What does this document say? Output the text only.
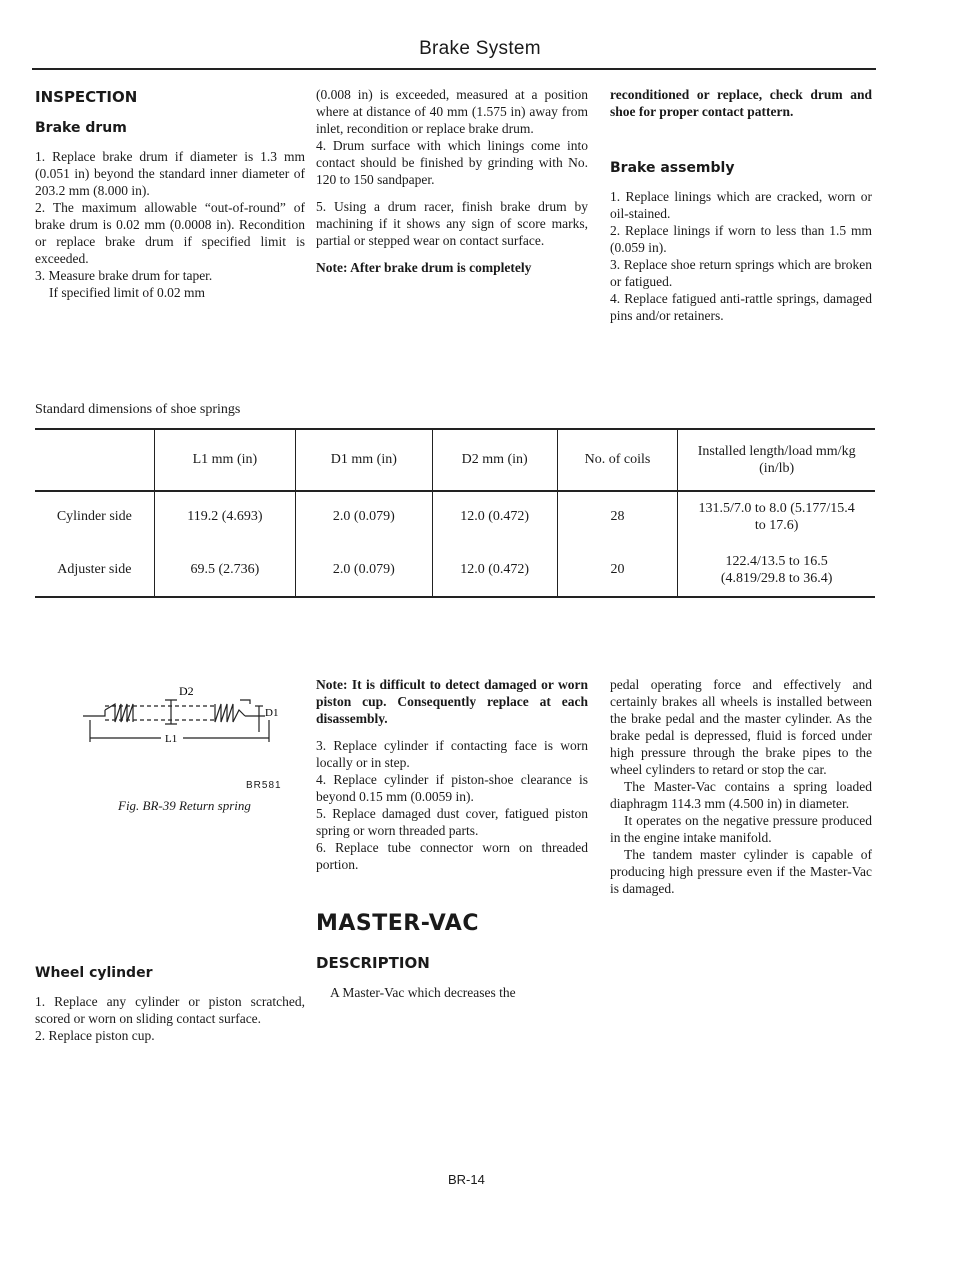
Brake System
INSPECTION
Brake drum

1. Replace brake drum if diameter is 1.3 mm (0.051 in) beyond the standard inner diameter of 203.2 mm (8.000 in).

2. The maximum allowable “out-of-round” of brake drum is 0.02 mm (0.0008 in). Recondition or replace brake drum if specified limit is exceeded.

3. Measure brake drum for taper.

If specified limit of 0.02 mm

(0.008 in) is exceeded, measured at a position where at distance of 40 mm (1.575 in) away from inlet, recondition or replace brake drum.

4. Drum surface with which linings come into contact should be finished by grinding with No. 120 to 150 sandpaper.

5. Using a drum racer, finish brake drum by machining if it shows any sign of score marks, partial or stepped wear on contact surface.

Note: After brake drum is completely

reconditioned or replace, check drum and shoe for proper contact pattern.
Brake assembly

1. Replace linings which are cracked, worn or oil-stained.

2. Replace linings if worn to less than 1.5 mm (0.059 in).

3. Replace shoe return springs which are broken or fatigued.

4. Replace fatigued anti-rattle springs, damaged pins and/or retainers.

Standard dimensions of shoe springs
	L1 mm (in)	D1 mm (in)	D2 mm (in)	No. of coils	Installed length/load mm/kg (in/lb)

Cylinder side	119.2 (4.693)	2.0 (0.079)	12.0 (0.472)	28	131.5/7.0 to 8.0 (5.177/15.4 to 17.6)
Adjuster side	69.5 (2.736)	2.0 (0.079)	12.0 (0.472)	20	122.4/13.5 to 16.5 (4.819/29.8 to 36.4)
D2
D1
L1
BR581
Fig. BR-39 Return spring
Wheel cylinder

1. Replace any cylinder or piston scratched, scored or worn on sliding contact surface.

2. Replace piston cup.

Note: It is difficult to detect damaged or worn piston cup. Consequently replace at each disassembly.

3. Replace cylinder if contacting face is worn locally or in step.

4. Replace cylinder if piston-shoe clearance is beyond 0.15 mm (0.0059 in).

5. Replace damaged dust cover, fatigued piston spring or worn threaded parts.

6. Replace tube connector worn on threaded portion.

MASTER-VAC
DESCRIPTION
A Master-Vac which decreases the

pedal operating force and effectively and certainly brakes all wheels is installed between the brake pedal and the master cylinder. As the brake pedal is depressed, fluid is forced under high pressure through the brake pipes to the wheel cylinders to retard or stop the car.

The Master-Vac contains a spring loaded diaphragm 114.3 mm (4.500 in) in diameter.

It operates on the negative pressure produced in the engine intake manifold.

The tandem master cylinder is capable of producing high pressure even if the Master-Vac is damaged.

BR-14
